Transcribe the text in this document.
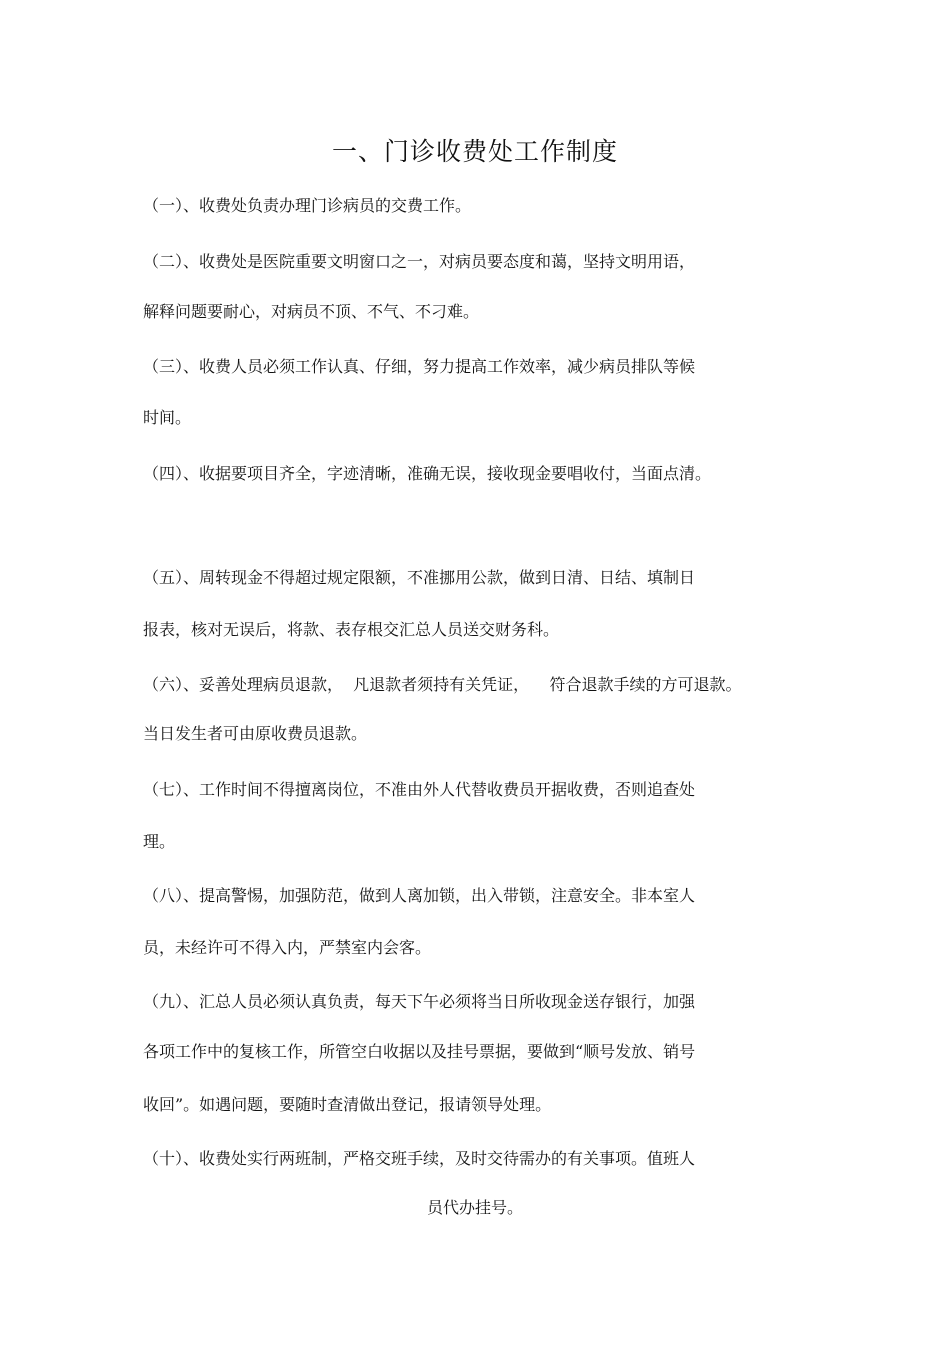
一、门诊收费处工作制度
（一）、收费处负责办理门诊病员的交费工作。
（二）、收费处是医院重要文明窗口之一，对病员要态度和蔼，坚持文明用语，
解释问题要耐心，对病员不顶、不气、不刁难。
（三）、收费人员必须工作认真、仔细，努力提高工作效率，减少病员排队等候
时间。
（四）、收据要项目齐全，字迹清晰，准确无误，接收现金要唱收付，当面点清。
（五）、周转现金不得超过规定限额，不准挪用公款，做到日清、日结、填制日
报表，核对无误后，将款、表存根交汇总人员送交财务科。
（六）、妥善处理病员退款，  凡退款者须持有关凭证，    符合退款手续的方可退款。
当日发生者可由原收费员退款。
（七）、工作时间不得擅离岗位，不准由外人代替收费员开据收费，否则追查处
理。
（八）、提高警惕，加强防范，做到人离加锁，出入带锁，注意安全。非本室人
员，未经许可不得入内，严禁室内会客。
（九）、汇总人员必须认真负责，每天下午必须将当日所收现金送存银行，加强
各项工作中的复核工作，所管空白收据以及挂号票据，要做到“顺号发放、销号
收回”。如遇问题，要随时查清做出登记，报请领导处理。
（十）、收费处实行两班制，严格交班手续，及时交待需办的有关事项。值班人
员代办挂号。
